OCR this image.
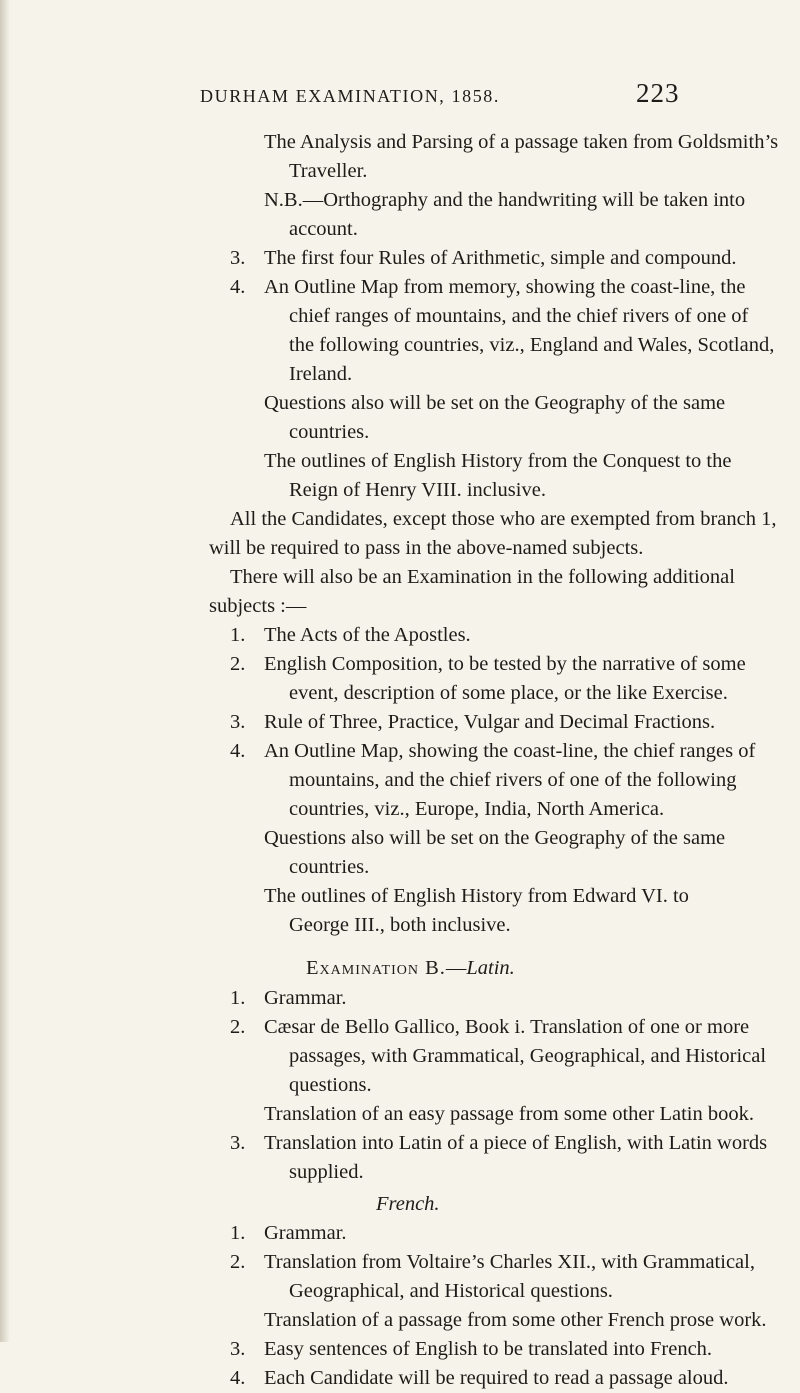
DURHAM EXAMINATION, 1858.	223
The Analysis and Parsing of a passage taken from Goldsmith’s
Traveller.
N.B.—Orthography and the handwriting will be taken into
account.
3. The first four Rules of Arithmetic, simple and compound.
4. An Outline Map from memory, showing the coast-line, the
chief ranges of mountains, and the chief rivers of one of
the following countries, viz., England and Wales, Scotland,
Ireland.
Questions also will be set on the Geography of the same
countries.
The outlines of English History from the Conquest to the
Reign of Henry VIII. inclusive.
All the Candidates, except those who are exempted from branch 1,
will be required to pass in the above-named subjects.
There will also be an Examination in the following additional
subjects :—
1. The Acts of the Apostles.
2. English Composition, to be tested by the narrative of some
event, description of some place, or the like Exercise.
3. Rule of Three, Practice, Vulgar and Decimal Fractions.
4. An Outline Map, showing the coast-line, the chief ranges of
mountains, and the chief rivers of one of the following
countries, viz., Europe, India, North America.
Questions also will be set on the Geography of the same
countries.
The outlines of English History from Edward VI. to
George III., both inclusive.
Examination B.—Latin.
1. Grammar.
2. Cæsar de Bello Gallico, Book i. Translation of one or more
passages, with Grammatical, Geographical, and Historical
questions.
Translation of an easy passage from some other Latin book.
3. Translation into Latin of a piece of English, with Latin words
supplied.
French.
1. Grammar.
2. Translation from Voltaire’s Charles XII., with Grammatical,
Geographical, and Historical questions.
Translation of a passage from some other French prose work.
3. Easy sentences of English to be translated into French.
4. Each Candidate will be required to read a passage aloud.
